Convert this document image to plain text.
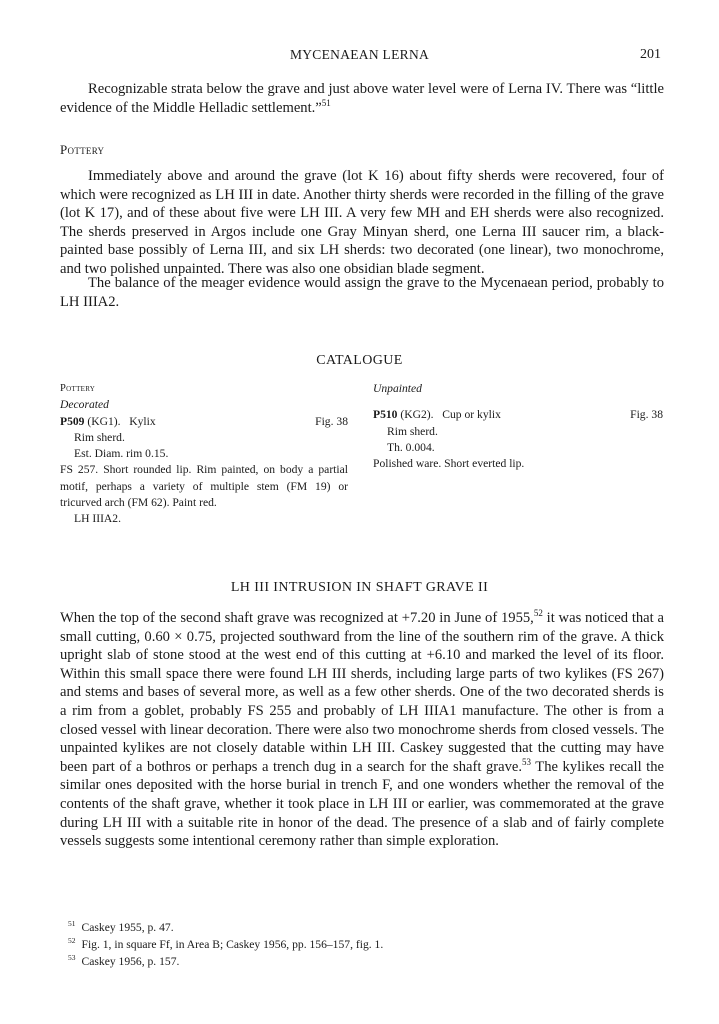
MYCENAEAN LERNA	201

Recognizable strata below the grave and just above water level were of Lerna IV. There was “little evidence of the Middle Helladic settlement.”$^{51}$

Pottery

Immediately above and around the grave (lot K 16) about fifty sherds were recovered, four of which were recognized as LH III in date. Another thirty sherds were recorded in the filling of the grave (lot K 17), and of these about five were LH III. A very few MH and EH sherds were also recognized. The sherds preserved in Argos include one Gray Minyan sherd, one Lerna III saucer rim, a black-painted base possibly of Lerna III, and six LH sherds: two decorated (one linear), two monochrome, and two polished unpainted. There was also one obsidian blade segment.

The balance of the meager evidence would assign the grave to the Mycenaean period, probably to LH IIIA2.

CATALOGUE

Pottery

Decorated

P509 (KG1). Kylix	Fig. 38

Rim sherd.

Est. Diam. rim 0.15.

FS 257. Short rounded lip. Rim painted, on body a partial motif, perhaps a variety of multiple stem (FM 19) or tricurved arch (FM 62). Paint red.

LH IIIA2.

Unpainted

P510 (KG2). Cup or kylix	Fig. 38

Rim sherd.

Th. 0.004.

Polished ware. Short everted lip.

LH III INTRUSION IN SHAFT GRAVE II

When the top of the second shaft grave was recognized at +7.20 in June of 1955,52 it was noticed that a small cutting, 0.60 × 0.75, projected southward from the line of the southern rim of the grave. A thick upright slab of stone stood at the west end of this cutting at +6.10 and marked the level of its floor. Within this small space there were found LH III sherds, including large parts of two kylikes (FS 267) and stems and bases of several more, as well as a few other sherds. One of the two decorated sherds is a rim from a goblet, probably FS 255 and probably of LH IIIA1 manufacture. The other is from a closed vessel with linear decoration. There were also two monochrome sherds from closed vessels. The unpainted kylikes are not closely datable within LH III. Caskey suggested that the cutting may have been part of a bothros or perhaps a trench dug in a search for the shaft grave.$^{53}$ The kylikes recall the similar ones deposited with the horse burial in trench F, and one wonders whether the removal of the contents of the shaft grave, whether it took place in LH III or earlier, was commemorated at the grave during LH III with a suitable rite in honor of the dead. The presence of a slab and of fairly complete vessels suggests some intentional ceremony rather than simple exploration.

$^{51}$ Caskey 1955, p. 47.
$^{52}$ Fig. 1, in square Ff, in Area B; Caskey 1956, pp. 156–157, fig. 1.
$^{53}$ Caskey 1956, p. 157.
